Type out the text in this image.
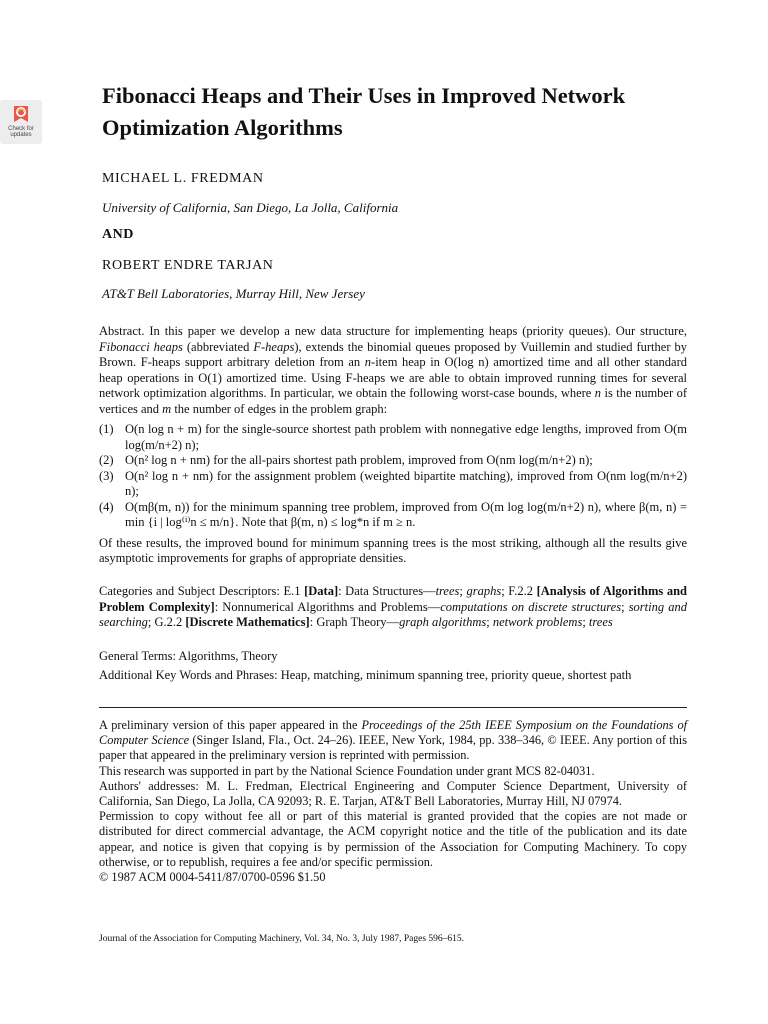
Check for
updates
Fibonacci Heaps and Their Uses in Improved Network Optimization Algorithms
MICHAEL L. FREDMAN
University of California, San Diego, La Jolla, California
AND
ROBERT ENDRE TARJAN
AT&T Bell Laboratories, Murray Hill, New Jersey

Abstract. In this paper we develop a new data structure for implementing heaps (priority queues). Our structure, Fibonacci heaps (abbreviated F-heaps), extends the binomial queues proposed by Vuillemin and studied further by Brown. F-heaps support arbitrary deletion from an n-item heap in O(log n) amortized time and all other standard heap operations in O(1) amortized time. Using F-heaps we are able to obtain improved running times for several network optimization algorithms. In particular, we obtain the following worst-case bounds, where n is the number of vertices and m the number of edges in the problem graph:

(1) O(n log n + m) for the single-source shortest path problem with nonnegative edge lengths, improved from O(m log(m/n+2) n);
(2) O(n² log n + nm) for the all-pairs shortest path problem, improved from O(nm log(m/n+2) n);
(3) O(n² log n + nm) for the assignment problem (weighted bipartite matching), improved from O(nm log(m/n+2) n);
(4) O(mβ(m, n)) for the minimum spanning tree problem, improved from O(m log log(m/n+2) n), where β(m, n) = min {i | log⁽ⁱ⁾n ≤ m/n}. Note that β(m, n) ≤ log*n if m ≥ n.

Of these results, the improved bound for minimum spanning trees is the most striking, although all the results give asymptotic improvements for graphs of appropriate densities.

Categories and Subject Descriptors: E.1 [Data]: Data Structures—trees; graphs; F.2.2 [Analysis of Algorithms and Problem Complexity]: Nonnumerical Algorithms and Problems—computations on discrete structures; sorting and searching; G.2.2 [Discrete Mathematics]: Graph Theory—graph algorithms; network problems; trees

General Terms: Algorithms, Theory
Additional Key Words and Phrases: Heap, matching, minimum spanning tree, priority queue, shortest path

A preliminary version of this paper appeared in the Proceedings of the 25th IEEE Symposium on the Foundations of Computer Science (Singer Island, Fla., Oct. 24–26). IEEE, New York, 1984, pp. 338–346, © IEEE. Any portion of this paper that appeared in the preliminary version is reprinted with permission.

This research was supported in part by the National Science Foundation under grant MCS 82-04031.

Authors' addresses: M. L. Fredman, Electrical Engineering and Computer Science Department, University of California, San Diego, La Jolla, CA 92093; R. E. Tarjan, AT&T Bell Laboratories, Murray Hill, NJ 07974.

Permission to copy without fee all or part of this material is granted provided that the copies are not made or distributed for direct commercial advantage, the ACM copyright notice and the title of the publication and its date appear, and notice is given that copying is by permission of the Association for Computing Machinery. To copy otherwise, or to republish, requires a fee and/or specific permission.

© 1987 ACM 0004-5411/87/0700-0596 $1.50

Journal of the Association for Computing Machinery, Vol. 34, No. 3, July 1987, Pages 596–615.
